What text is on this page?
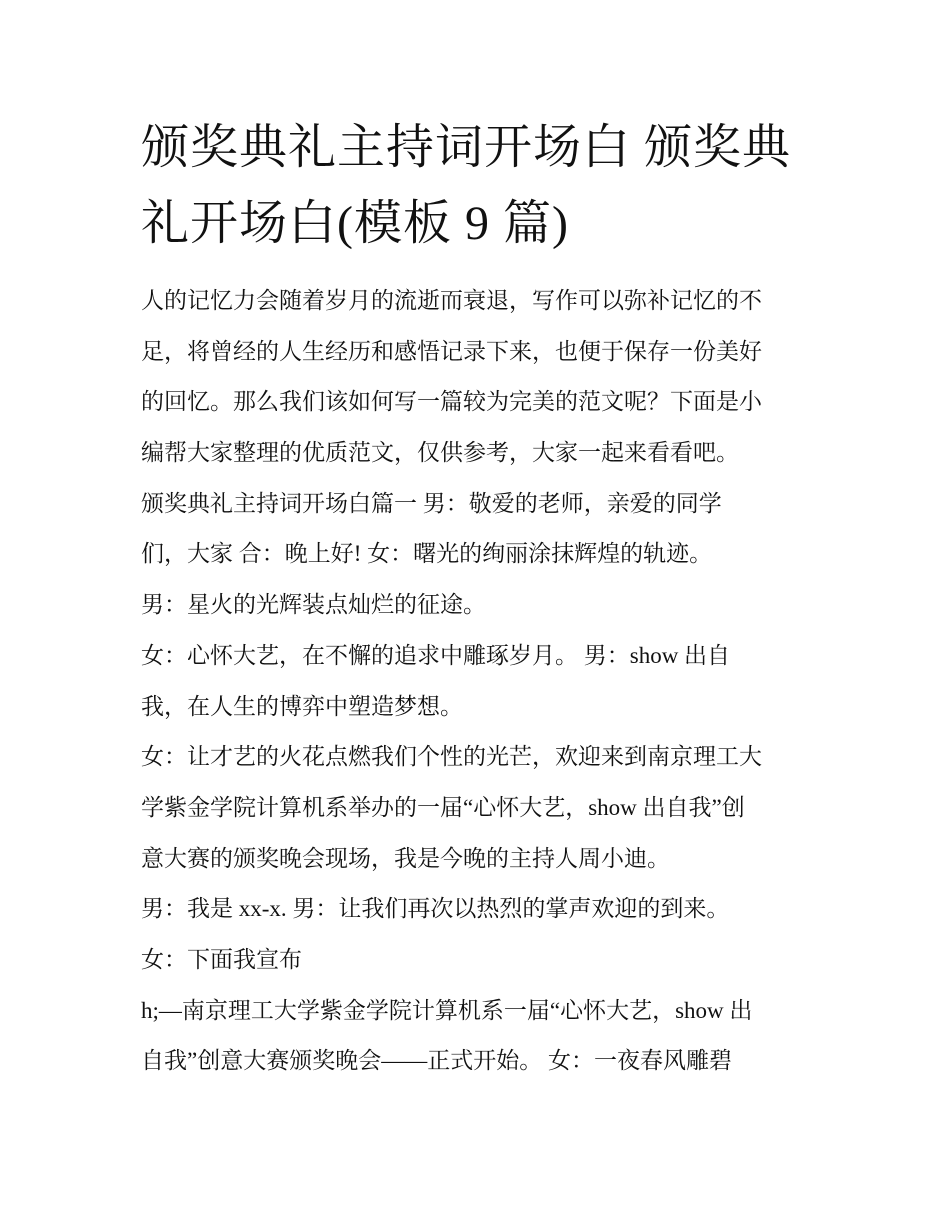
颁奖典礼主持词开场白 颁奖典
礼开场白(模板 9 篇)
人的记忆力会随着岁月的流逝而衰退，写作可以弥补记忆的不
足，将曾经的人生经历和感悟记录下来，也便于保存一份美好
的回忆。那么我们该如何写一篇较为完美的范文呢？下面是小
编帮大家整理的优质范文，仅供参考，大家一起来看看吧。
颁奖典礼主持词开场白篇一 男：敬爱的老师，亲爱的同学
们，大家 合：晚上好! 女：曙光的绚丽涂抹辉煌的轨迹。
男：星火的光辉装点灿烂的征途。
女：心怀大艺，在不懈的追求中雕琢岁月。 男：show 出自
我，在人生的博弈中塑造梦想。
女：让才艺的火花点燃我们个性的光芒，欢迎来到南京理工大
学紫金学院计算机系举办的一届“心怀大艺，show 出自我”创
意大赛的颁奖晚会现场，我是今晚的主持人周小迪。
男：我是 xx-x. 男：让我们再次以热烈的掌声欢迎的到来。
女：下面我宣布
h;—南京理工大学紫金学院计算机系一届“心怀大艺，show 出
自我”创意大赛颁奖晚会——正式开始。 女：一夜春风雕碧
